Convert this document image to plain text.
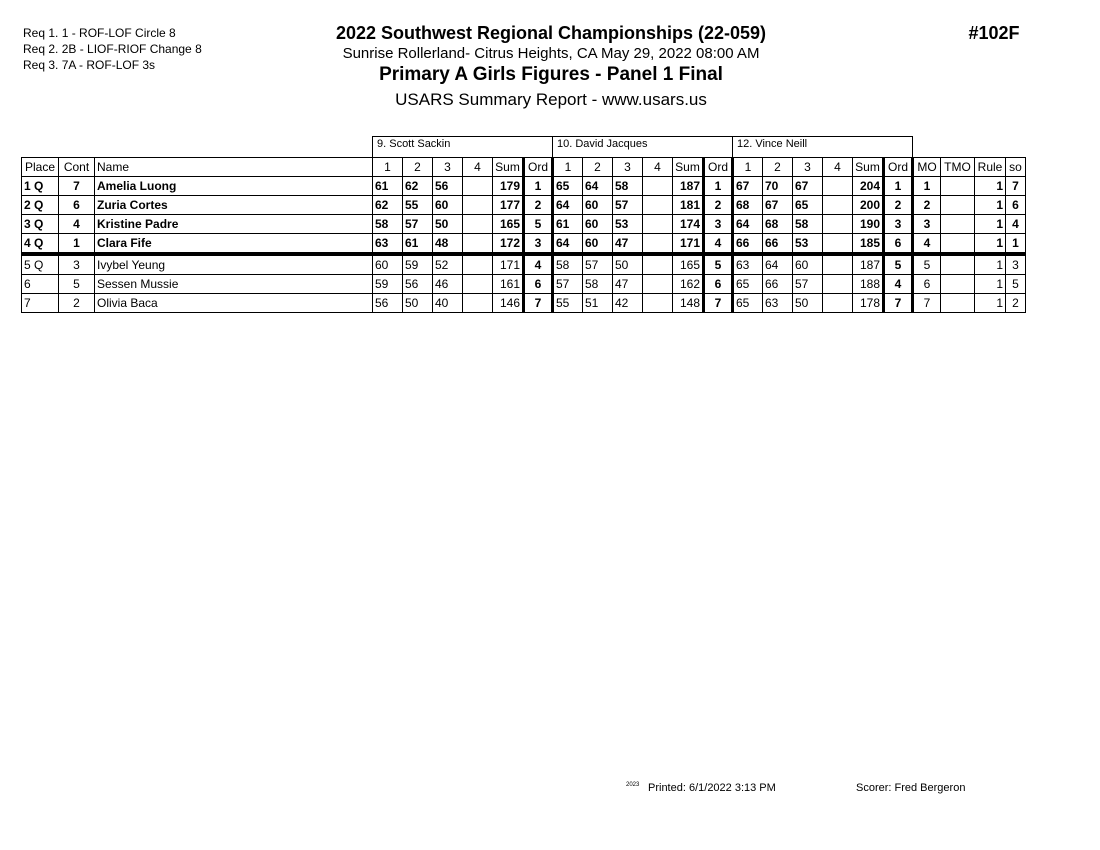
Req 1. 1 - ROF-LOF Circle 8
Req 2. 2B - LIOF-RIOF Change 8
Req 3. 7A - ROF-LOF 3s
2022 Southwest Regional Championships (22-059)
Sunrise Rollerland- Citrus Heights, CA May 29, 2022 08:00 AM
Primary A Girls Figures - Panel 1 Final
USARS Summary Report - www.usars.us
#102F
			9. Scott Sackin						10. David Jacques						12. Vince Neill									
Place	Cont	Name	1	2	3	4	Sum	Ord	1	2	3	4	Sum	Ord	1	2	3	4	Sum	Ord	MO	TMO	Rule	so
1 Q	7	Amelia Luong	61	62	56		179	1	65	64	58		187	1	67	70	67		204	1	1		1	7
2 Q	6	Zuria Cortes	62	55	60		177	2	64	60	57		181	2	68	67	65		200	2	2		1	6
3 Q	4	Kristine Padre	58	57	50		165	5	61	60	53		174	3	64	68	58		190	3	3		1	4
4 Q	1	Clara Fife	63	61	48		172	3	64	60	47		171	4	66	66	53		185	6	4		1	1
5 Q	3	Ivybel Yeung	60	59	52		171	4	58	57	50		165	5	63	64	60		187	5	5		1	3
6	5	Sessen Mussie	59	56	46		161	6	57	58	47		162	6	65	66	57		188	4	6		1	5
7	2	Olivia Baca	56	50	40		146	7	55	51	42		148	7	65	63	50		178	7	7		1	2
2023 Printed: 6/1/2022 3:13 PM	Scorer: Fred Bergeron
